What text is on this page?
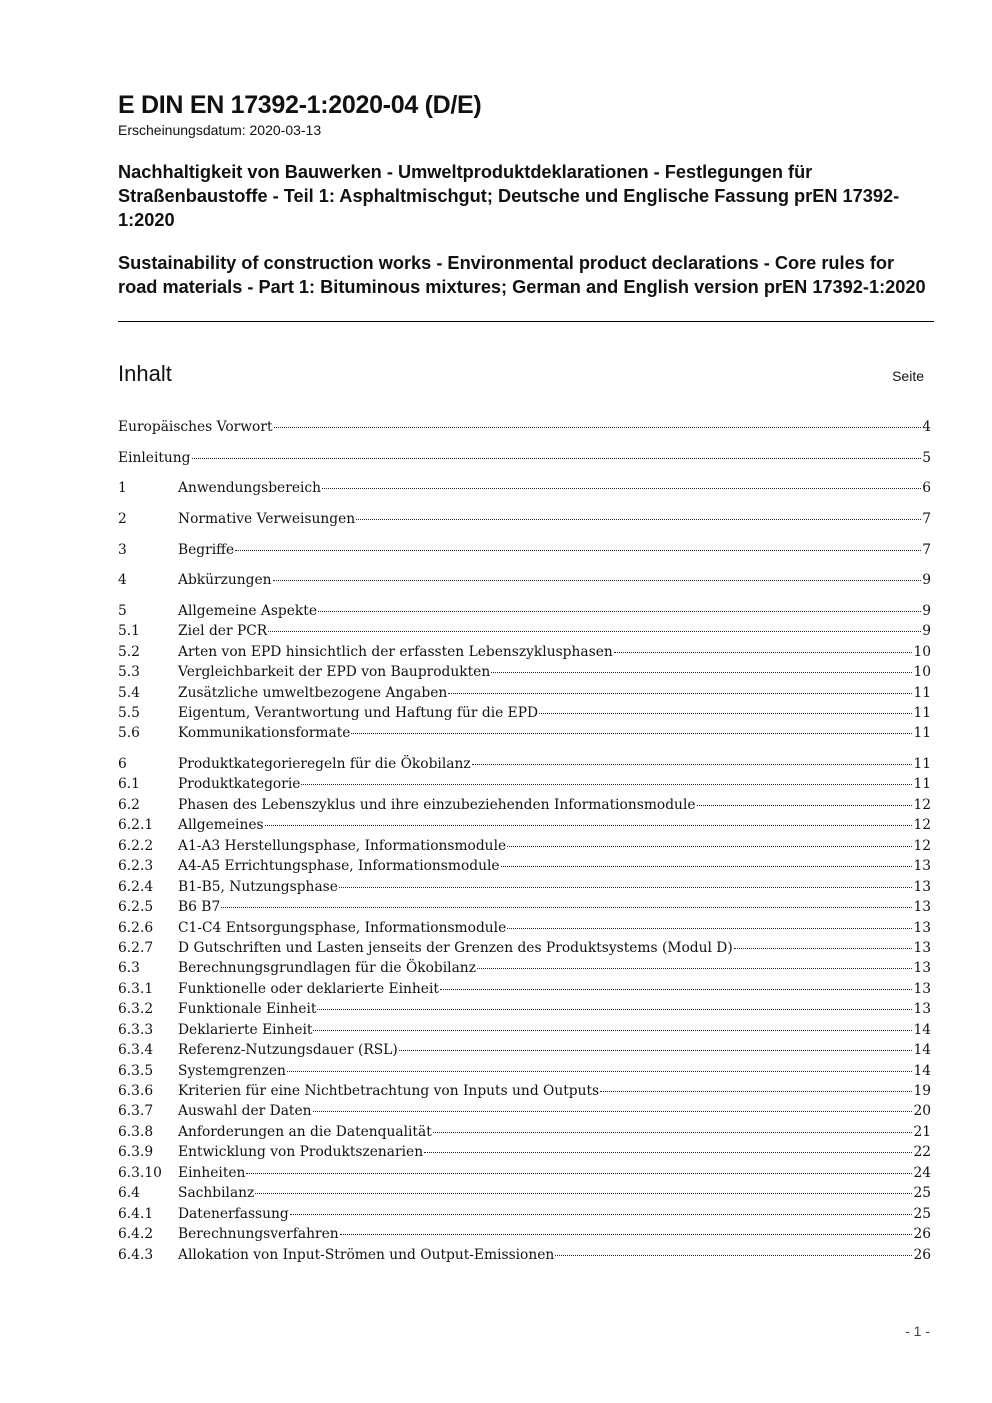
E DIN EN 17392-1:2020-04 (D/E)
Erscheinungsdatum: 2020-03-13
Nachhaltigkeit von Bauwerken - Umweltproduktdeklarationen - Festlegungen für Straßenbaustoffe - Teil 1: Asphaltmischgut; Deutsche und Englische Fassung prEN 17392-1:2020
Sustainability of construction works - Environmental product declarations - Core rules for road materials - Part 1: Bituminous mixtures; German and English version prEN 17392-1:2020
Inhalt	Seite
Europäisches Vorwort	4
Einleitung	5
1	Anwendungsbereich	6
2	Normative Verweisungen	7
3	Begriffe	7
4	Abkürzungen	9
5	Allgemeine Aspekte	9
5.1	Ziel der PCR	9
5.2	Arten von EPD hinsichtlich der erfassten Lebenszyklusphasen	10
5.3	Vergleichbarkeit der EPD von Bauprodukten	10
5.4	Zusätzliche umweltbezogene Angaben	11
5.5	Eigentum, Verantwortung und Haftung für die EPD	11
5.6	Kommunikationsformate	11
6	Produktkategorieregeln für die Ökobilanz	11
6.1	Produktkategorie	11
6.2	Phasen des Lebenszyklus und ihre einzubeziehenden Informationsmodule	12
6.2.1	Allgemeines	12
6.2.2	A1-A3 Herstellungsphase, Informationsmodule	12
6.2.3	A4-A5 Errichtungsphase, Informationsmodule	13
6.2.4	B1-B5, Nutzungsphase	13
6.2.5	B6 B7	13
6.2.6	C1-C4 Entsorgungsphase, Informationsmodule	13
6.2.7	D Gutschriften und Lasten jenseits der Grenzen des Produktsystems (Modul D)	13
6.3	Berechnungsgrundlagen für die Ökobilanz	13
6.3.1	Funktionelle oder deklarierte Einheit	13
6.3.2	Funktionale Einheit	13
6.3.3	Deklarierte Einheit	14
6.3.4	Referenz-Nutzungsdauer (RSL)	14
6.3.5	Systemgrenzen	14
6.3.6	Kriterien für eine Nichtbetrachtung von Inputs und Outputs	19
6.3.7	Auswahl der Daten	20
6.3.8	Anforderungen an die Datenqualität	21
6.3.9	Entwicklung von Produktszenarien	22
6.3.10	Einheiten	24
6.4	Sachbilanz	25
6.4.1	Datenerfassung	25
6.4.2	Berechnungsverfahren	26
6.4.3	Allokation von Input-Strömen und Output-Emissionen	26
- 1 -
